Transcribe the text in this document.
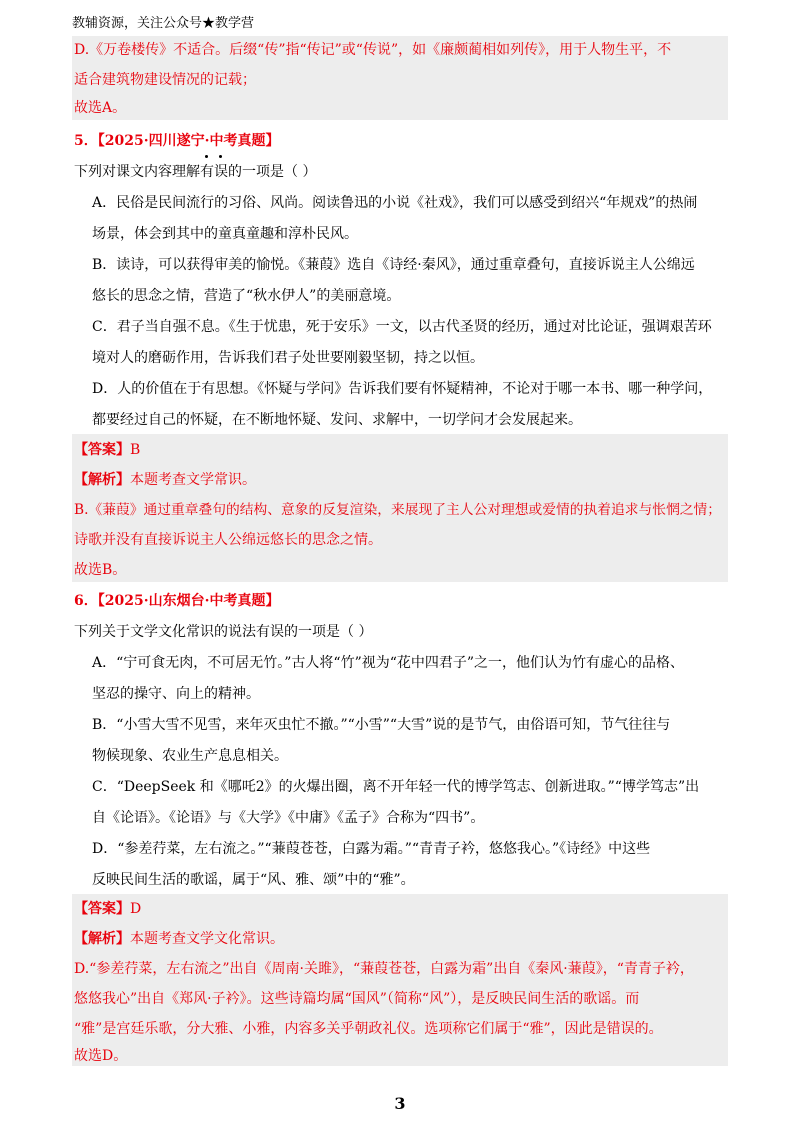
教辅资源，关注公众号★教学营
D.《万卷楼传》不适合。后缀“传”指“传记”或“传说”，如《廉颇蔺相如列传》，用于人物生平，不
适合建筑物建设情况的记载；
故选A。
5．【2025·四川遂宁·中考真题】
下列对课文内容理解
有误的一项是（ ）
A．民俗是民间流行的习俗、风尚。阅读鲁迅的小说《社戏》，我们可以感受到绍兴“年规戏”的热闹
场景，体会到其中的童真童趣和淳朴民风。
B．读诗，可以获得审美的愉悦。《蒹葭》选自《诗经·秦风》，通过重章叠句，直接诉说主人公绵远
悠长的思念之情，营造了“秋水伊人”的美丽意境。
C．君子当自强不息。《生于忧患，死于安乐》一文，以古代圣贤的经历，通过对比论证，强调艰苦环
境对人的磨砺作用，告诉我们君子处世要刚毅坚韧，持之以恒。
D．人的价值在于有思想。《怀疑与学问》告诉我们要有怀疑精神，不论对于哪一本书、哪一种学问，
都要经过自己的怀疑，在不断地怀疑、发问、求解中，一切学问才会发展起来。
【答案】B
【解析】本题考查文学常识。
B.《蒹葭》通过重章叠句的结构、意象的反复渲染，来展现了主人公对理想或爱情的执着追求与怅惘之情；
诗歌并没有直接诉说主人公绵远悠长的思念之情。
故选B。
6．【2025·山东烟台·中考真题】
下列关于文学文化常识的说法有误的一项是（ ）
A．“宁可食无肉，不可居无竹。”古人将“竹”视为“花中四君子”之一，他们认为竹有虚心的品格、
坚忍的操守、向上的精神。
B．“小雪大雪不见雪，来年灭虫忙不撤。”“小雪”“大雪”说的是节气，由俗语可知，节气往往与
物候现象、农业生产息息相关。
C．“DeepSeek 和《哪吒2》的火爆出圈，离不开年轻一代的博学笃志、创新进取。”“博学笃志”出
自《论语》。《论语》与《大学》《中庸》《孟子》合称为“四书”。
D．“参差荇菜，左右流之。”“蒹葭苍苍，白露为霜。”“青青子衿，悠悠我心。”《诗经》中这些
反映民间生活的歌谣，属于“风、雅、颂”中的“雅”。
【答案】D
【解析】本题考查文学文化常识。
D.“参差荇菜，左右流之”出自《周南·关雎》，“蒹葭苍苍，白露为霜”出自《秦风·蒹葭》，“青青子衿，
悠悠我心”出自《郑风·子衿》。这些诗篇均属“国风”（简称“风”），是反映民间生活的歌谣。而
“雅”是宫廷乐歌，分大雅、小雅，内容多关乎朝政礼仪。选项称它们属于“雅”，因此是错误的。
故选D。
3
